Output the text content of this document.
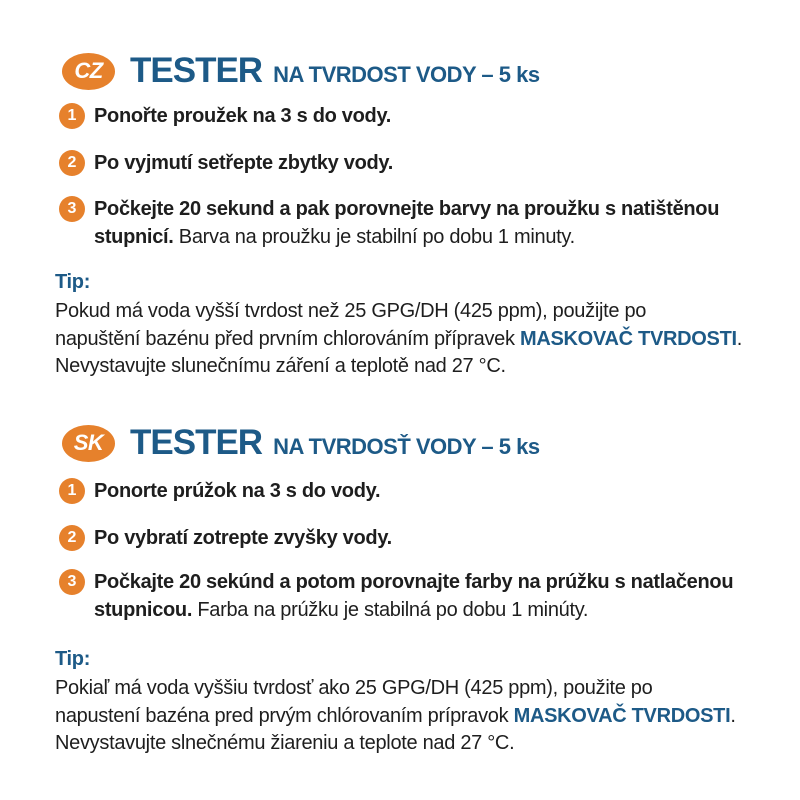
CZ TESTER NA TVRDOST VODY – 5 ks
1 Ponořte proužek na 3 s do vody.
2 Po vyjmutí setřepte zbytky vody.
3 Počkejte 20 sekund a pak porovnejte barvy na proužku s natištěnou
stupnicí. Barva na proužku je stabilní po dobu 1 minuty.
Tip:
Pokud má voda vyšší tvrdost než 25 GPG/DH (425 ppm), použijte po
napuštění bazénu před prvním chlorováním přípravek MASKOVAČ TVRDOSTI.
Nevystavujte slunečnímu záření a teplotě nad 27 °C.
SK TESTER NA TVRDOSŤ VODY – 5 ks
1 Ponorte prúžok na 3 s do vody.
2 Po vybratí zotrepte zvyšky vody.
3 Počkajte 20 sekúnd a potom porovnajte farby na prúžku s natlačenou
stupnicou. Farba na prúžku je stabilná po dobu 1 minúty.
Tip:
Pokiaľ má voda vyššiu tvrdosť ako 25 GPG/DH (425 ppm), použite po
napustení bazéna pred prvým chlórovaním prípravok MASKOVAČ TVRDOSTI.
Nevystavujte slnečnému žiareniu a teplote nad 27 °C.
